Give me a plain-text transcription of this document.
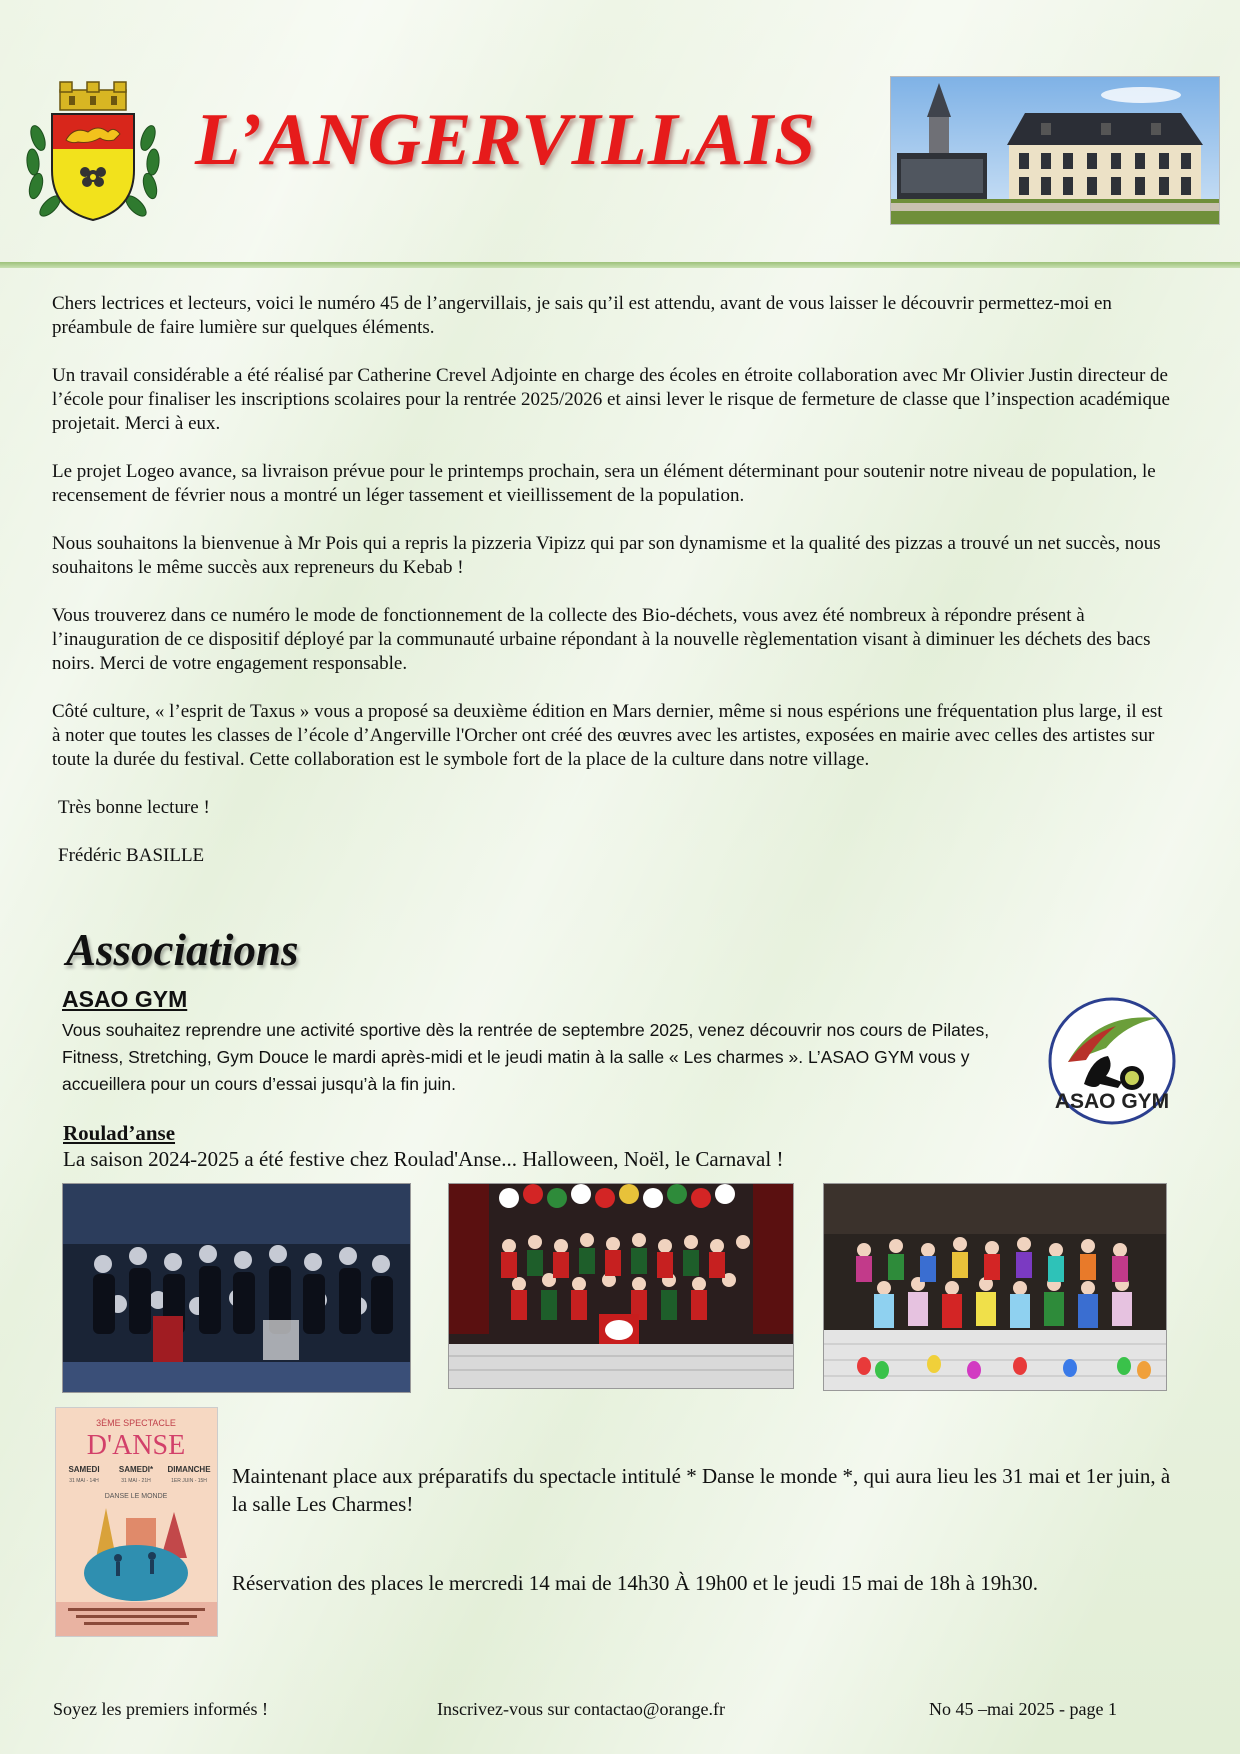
L’ANGERVILLAIS

Chers lectrices et lecteurs, voici le numéro 45 de l’angervillais, je sais qu’il est attendu, avant de vous laisser le découvrir permettez-moi en préambule de faire lumière sur quelques éléments.

Un travail considérable a été réalisé par Catherine Crevel Adjointe en charge des écoles en étroite collaboration avec Mr Olivier Justin directeur de l’école pour finaliser les inscriptions scolaires pour la rentrée 2025/2026 et ainsi lever le risque de fermeture de classe que l’inspection académique projetait. Merci à eux.

Le projet Logeo avance, sa livraison prévue pour le printemps prochain, sera un élément déterminant pour soutenir notre niveau de population, le recensement de février nous a montré un léger tassement et vieillissement de la population.

Nous souhaitons la bienvenue à Mr Pois qui a repris la pizzeria Vipizz qui par son dynamisme et la qualité des pizzas a trouvé un net succès, nous souhaitons le même succès aux repreneurs du Kebab !

Vous trouverez dans ce numéro le mode de fonctionnement de la collecte des Bio-déchets, vous avez été nombreux à répondre présent à l’inauguration de ce dispositif déployé par la communauté urbaine répondant à la nouvelle règlementation visant à diminuer les déchets des bacs noirs. Merci de votre engagement responsable.

Côté culture, « l’esprit de Taxus » vous a proposé sa deuxième édition en Mars dernier, même si nous espérions une fréquentation plus large, il est à noter que toutes les classes de l’école d’Angerville l'Orcher ont créé des œuvres avec les artistes, exposées en mairie avec celles des artistes sur toute la durée du festival. Cette collaboration est le symbole fort de la place de la culture dans notre village.

Très bonne lecture !

Frédéric BASILLE

Associations
ASAO GYM

Vous souhaitez reprendre une activité sportive dès la rentrée de septembre 2025, venez découvrir nos cours de Pilates, Fitness, Stretching, Gym Douce le mardi après-midi et le jeudi matin à la salle « Les charmes ». L’ASAO GYM vous y accueillera pour un cours d’essai jusqu’à la fin juin.

ASAO GYM
Roulad’anse

La saison 2024-2025 a été festive chez Roulad'Anse... Halloween, Noël, le Carnaval !

3ÈME SPECTACLE
D'ANSE
SAMEDI SAMEDI* DIMANCHE
31 MAI - 14H	31 MAI - 21H	1ER JUIN - 15H
DANSE LE MONDE

Maintenant place aux préparatifs du spectacle intitulé * Danse le monde *, qui aura lieu les 31 mai et 1er juin, à la salle Les Charmes!

Réservation des places le mercredi 14 mai de 14h30 À 19h00 et le jeudi 15 mai de 18h à 19h30.

Soyez les premiers informés !	Inscrivez-vous sur contactao@orange.fr	No 45 –mai 2025 - page 1
